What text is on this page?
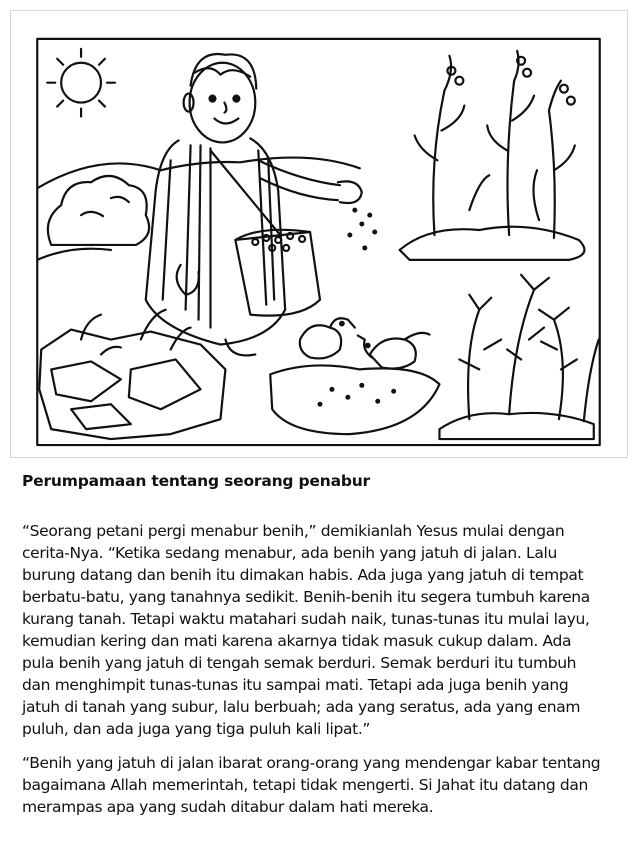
Perumpamaan tentang seorang penabur

“Seorang petani pergi menabur benih,” demikianlah Yesus mulai dengan
cerita-Nya. “Ketika sedang menabur, ada benih yang jatuh di jalan. Lalu
burung datang dan benih itu dimakan habis. Ada juga yang jatuh di tempat
berbatu-batu, yang tanahnya sedikit. Benih-benih itu segera tumbuh karena
kurang tanah. Tetapi waktu matahari sudah naik, tunas-tunas itu mulai layu,
kemudian kering dan mati karena akarnya tidak masuk cukup dalam. Ada
pula benih yang jatuh di tengah semak berduri. Semak berduri itu tumbuh
dan menghimpit tunas-tunas itu sampai mati. Tetapi ada juga benih yang
jatuh di tanah yang subur, lalu berbuah; ada yang seratus, ada yang enam
puluh, dan ada juga yang tiga puluh kali lipat.”

“Benih yang jatuh di jalan ibarat orang-orang yang mendengar kabar tentang
bagaimana Allah memerintah, tetapi tidak mengerti. Si Jahat itu datang dan
merampas apa yang sudah ditabur dalam hati mereka.
